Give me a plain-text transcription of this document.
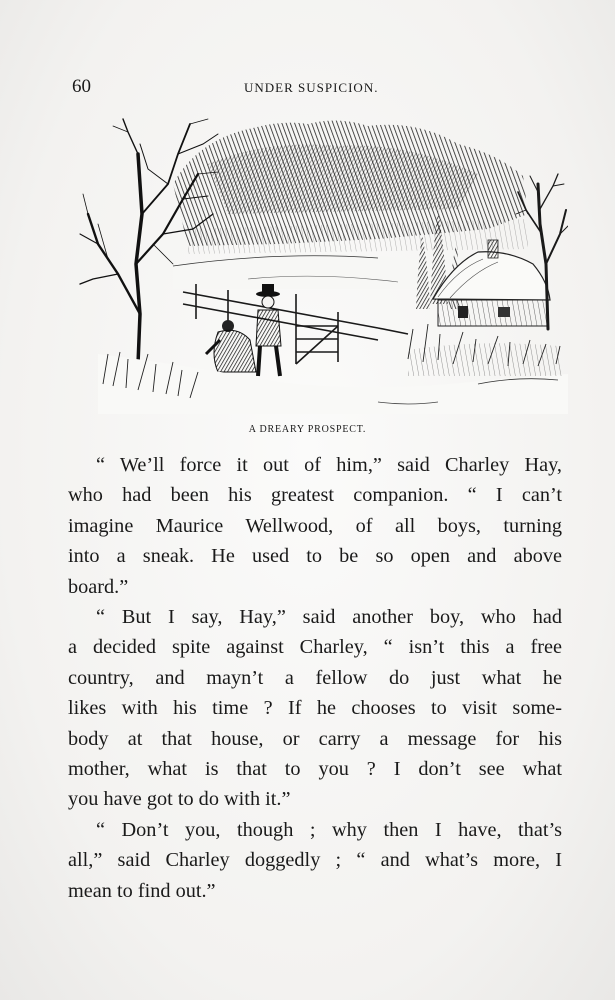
60	UNDER SUSPICION.
A DREARY PROSPECT.
“ We’ll force it out of him,” said Charley Hay,
who had been his greatest companion. “ I can’t
imagine Maurice Wellwood, of all boys, turning
into a sneak. He used to be so open and above
board.”
“ But I say, Hay,” said another boy, who had
a decided spite against Charley, “ isn’t this a free
country, and mayn’t a fellow do just what he
likes with his time ? If he chooses to visit some-
body at that house, or carry a message for his
mother, what is that to you ? I don’t see what
you have got to do with it.”
“ Don’t you, though ; why then I have, that’s
all,” said Charley doggedly ; “ and what’s more, I
mean to find out.”
